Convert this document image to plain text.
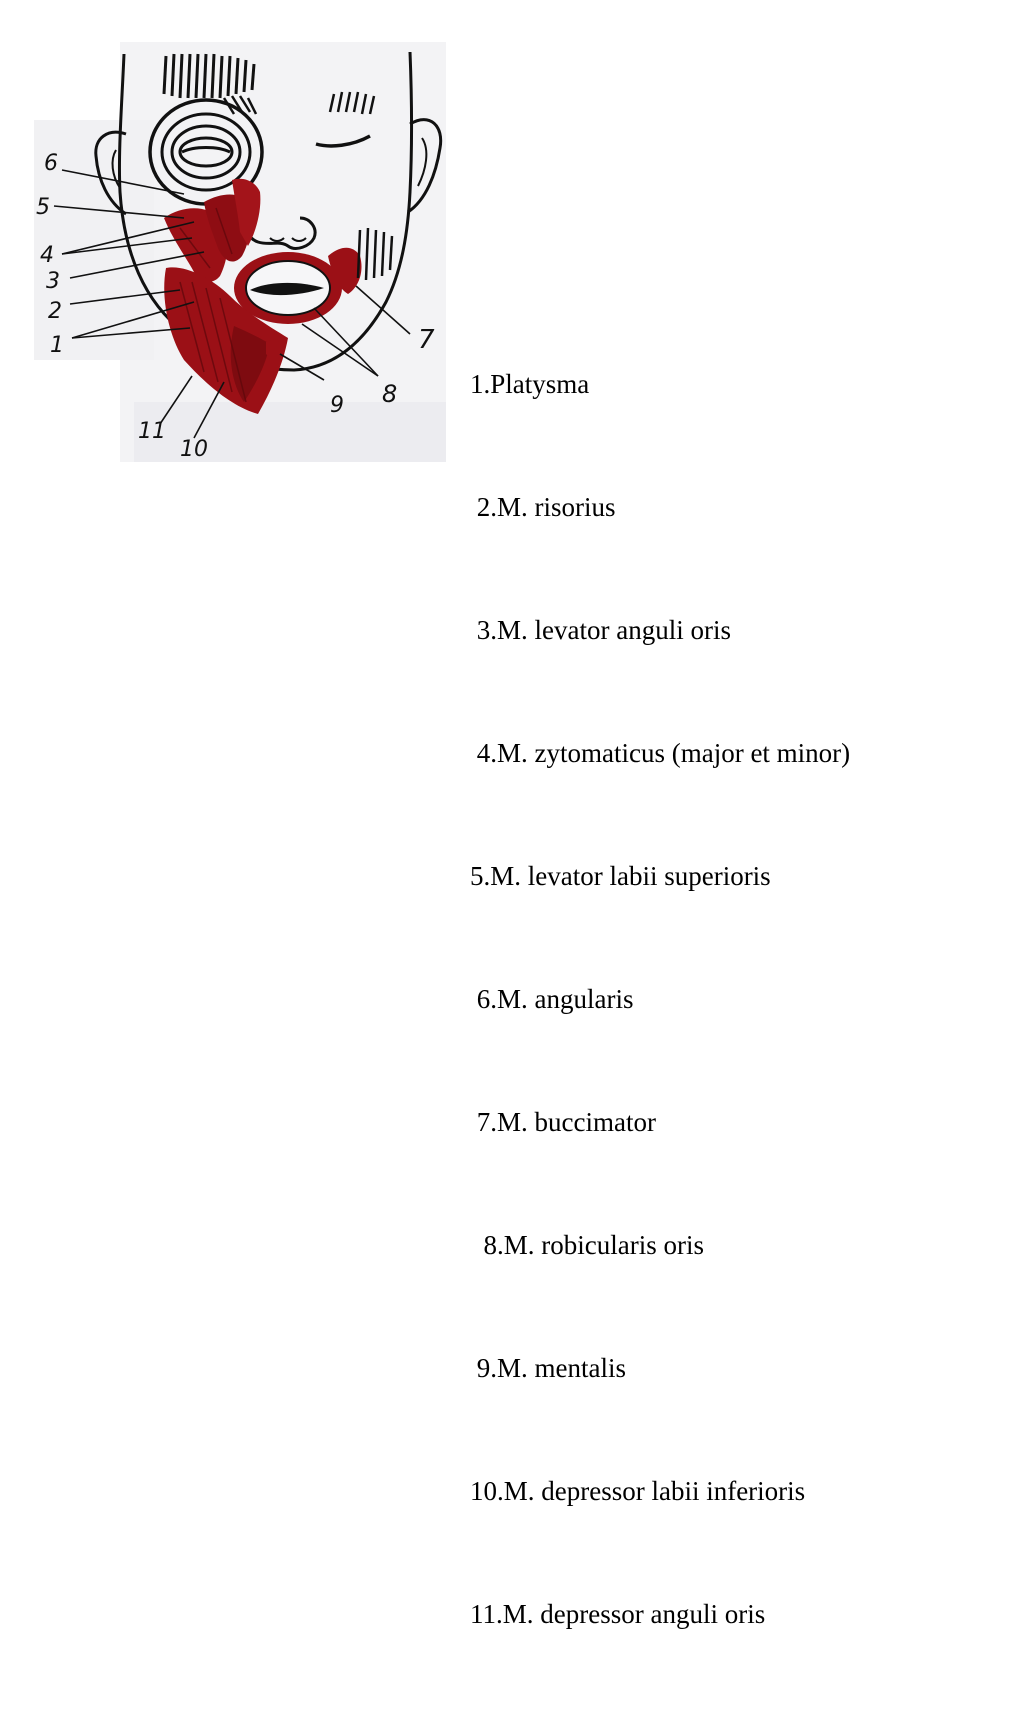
6
5
4
3
2
1	7
8
9
11
10

1.Platysma

2.M. risorius

3.M. levator anguli oris

4.M. zytomaticus (major et minor)

5.M. levator labii superioris

6.M. angularis

7.M. buccimator

8.M. robicularis oris

9.M. mentalis

10.M. depressor labii inferioris

11.M. depressor anguli oris
